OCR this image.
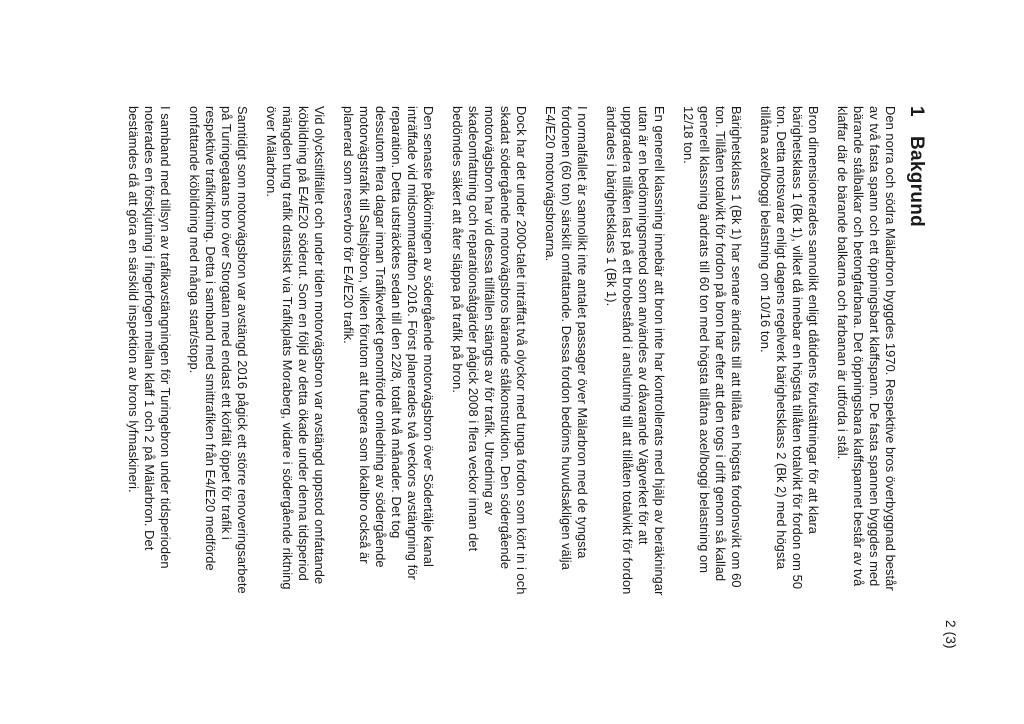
2 (3)
1Bakgrund

Den norra och södra Mälarbron byggdes 1970. Respektive bros överbyggnad består
av två fasta spann och ett öppningsbart klaffspann. De fasta spannen byggdes med
bärande stålbalkar och betongfarbana. Det öppningsbara klaffspannet består av två
klaffar där de bärande balkarna och farbanan är utförda i stål.

Bron dimensionerades sannolikt enligt dåtidens förutsättningar för att klara
bärighetsklass 1 (Bk 1), vilket då innebar en högsta tillåten totalvikt för fordon om 50
ton. Detta motsvarar enligt dagens regelverk bärighetsklass 2 (Bk 2) med högsta
tillåtna axel/boggi belastning om 10/16 ton.

Bärighetsklass 1 (Bk 1) har senare ändrats till att tillåta en högsta fordonsvikt om 60
ton. Tillåten totalvikt för fordon på bron har efter att den togs i drift genom så kallad
generell klassning ändrats till 60 ton med högsta tillåtna axel/boggi belastning om
12/18 ton.

En generell klassning innebär att bron inte har kontrollerats med hjälp av beräkningar
utan är en bedömningsmetod som användes av dåvarande Vägverket för att
uppgradera tillåten last på ett brobestånd i anslutning till att tillåten totalvikt för fordon
ändrades i bärighetsklass 1 (Bk 1).

I normalfallet är sannolikt inte antalet passager över Mälarbron med de tyngsta
fordonen (60 ton) särskilt omfattande. Dessa fordon bedöms huvudsakligen välja
E4/E20 motorvägsbroarna.

Dock har det under 2000-talet inträffat två olyckor med tunga fordon som kört in i och
skadat södergående motorvägsbros bärande stålkonstruktion. Den södergående
motorvägsbron har vid dessa tillfällen stängts av för trafik. Utredning av
skadeomfattning och reparationsåtgärder pågick 2008 i flera veckor innan det
bedömdes säkert att åter släppa på trafik på bron.

Den senaste påkörningen av södergående motorvägsbron över Södertälje kanal
inträffade vid midsommarafton 2016. Först planerades två veckors avstängning för
reparation. Detta utsträcktes sedan till den 22/8, totalt två månader. Det tog
dessutom flera dagar innan Trafikverket genomförde omledning av södergående
motorvägstrafik till Saltsjöbron, vilken förutom att fungera som lokalbro också är
planerad som reservbro för E4/E20 trafik.

Vid olyckstillfället och under tiden motorvägsbron var avstängd uppstod omfattande
köbildning på E4/E20 söderut. Som en följd av detta ökade under denna tidsperiod
mängden tung trafik drastiskt via Trafikplats Moraberg, vidare i södergående riktning
över Mälarbron.

Samtidigt som motorvägsbron var avstängd 2016 pågick ett större renoveringsarbete
på Turingegatans bro över Storgatan med endast ett körfält öppet för trafik i
respektive trafikriktning. Detta i samband med smittrafiken från E4/E20 medförde
omfattande köbildning med många start/stopp.

I samband med tillsyn av trafikavstängningen för Turingebron under tidsperioden
noterades en förskjutning i fingerfogen mellan klaff 1 och 2 på Mälarbron. Det
bestämdes då att göra en särskild inspektion av brons lyfmaskineri.
